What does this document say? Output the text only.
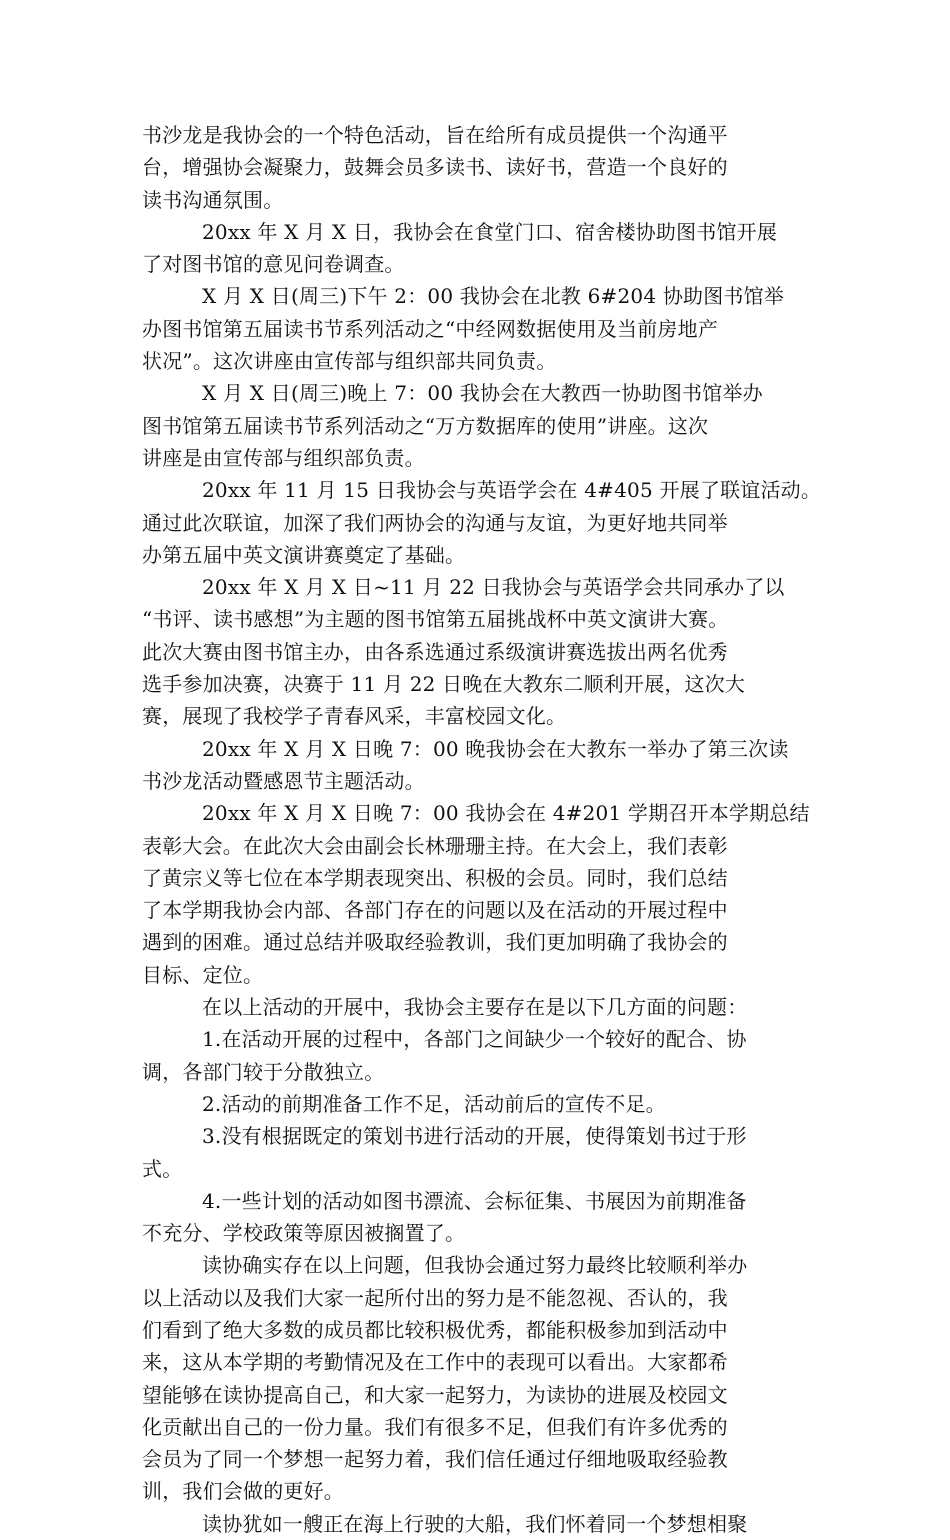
书沙龙是我协会的一个特色活动，旨在给所有成员提供一个沟通平
台，增强协会凝聚力，鼓舞会员多读书、读好书，营造一个良好的
读书沟通氛围。
20xx 年 X 月 X 日，我协会在食堂门口、宿舍楼协助图书馆开展
了对图书馆的意见问卷调查。
X 月 X 日(周三)下午 2：00 我协会在北教 6#204 协助图书馆举
办图书馆第五届读书节系列活动之“中经网数据使用及当前房地产
状况”。这次讲座由宣传部与组织部共同负责。
X 月 X 日(周三)晚上 7：00 我协会在大教西一协助图书馆举办
图书馆第五届读书节系列活动之“万方数据库的使用”讲座。这次
讲座是由宣传部与组织部负责。
20xx 年 11 月 15 日我协会与英语学会在 4#405 开展了联谊活动。
通过此次联谊，加深了我们两协会的沟通与友谊，为更好地共同举
办第五届中英文演讲赛奠定了基础。
20xx 年 X 月 X 日~11 月 22 日我协会与英语学会共同承办了以
“书评、读书感想”为主题的图书馆第五届挑战杯中英文演讲大赛。
此次大赛由图书馆主办，由各系选通过系级演讲赛选拔出两名优秀
选手参加决赛，决赛于 11 月 22 日晚在大教东二顺利开展，这次大
赛，展现了我校学子青春风采，丰富校园文化。
20xx 年 X 月 X 日晚 7：00 晚我协会在大教东一举办了第三次读
书沙龙活动暨感恩节主题活动。
20xx 年 X 月 X 日晚 7：00 我协会在 4#201 学期召开本学期总结
表彰大会。在此次大会由副会长林珊珊主持。在大会上，我们表彰
了黄宗义等七位在本学期表现突出、积极的会员。同时，我们总结
了本学期我协会内部、各部门存在的问题以及在活动的开展过程中
遇到的困难。通过总结并吸取经验教训，我们更加明确了我协会的
目标、定位。
在以上活动的开展中，我协会主要存在是以下几方面的问题：
1.在活动开展的过程中，各部门之间缺少一个较好的配合、协
调，各部门较于分散独立。
2.活动的前期准备工作不足，活动前后的宣传不足。
3.没有根据既定的策划书进行活动的开展，使得策划书过于形
式。
4.一些计划的活动如图书漂流、会标征集、书展因为前期准备
不充分、学校政策等原因被搁置了。
读协确实存在以上问题，但我协会通过努力最终比较顺利举办
以上活动以及我们大家一起所付出的努力是不能忽视、否认的，我
们看到了绝大多数的成员都比较积极优秀，都能积极参加到活动中
来，这从本学期的考勤情况及在工作中的表现可以看出。大家都希
望能够在读协提高自己，和大家一起努力，为读协的进展及校园文
化贡献出自己的一份力量。我们有很多不足，但我们有许多优秀的
会员为了同一个梦想一起努力着，我们信任通过仔细地吸取经验教
训，我们会做的更好。
读协犹如一艘正在海上行驶的大船，我们怀着同一个梦想相聚
